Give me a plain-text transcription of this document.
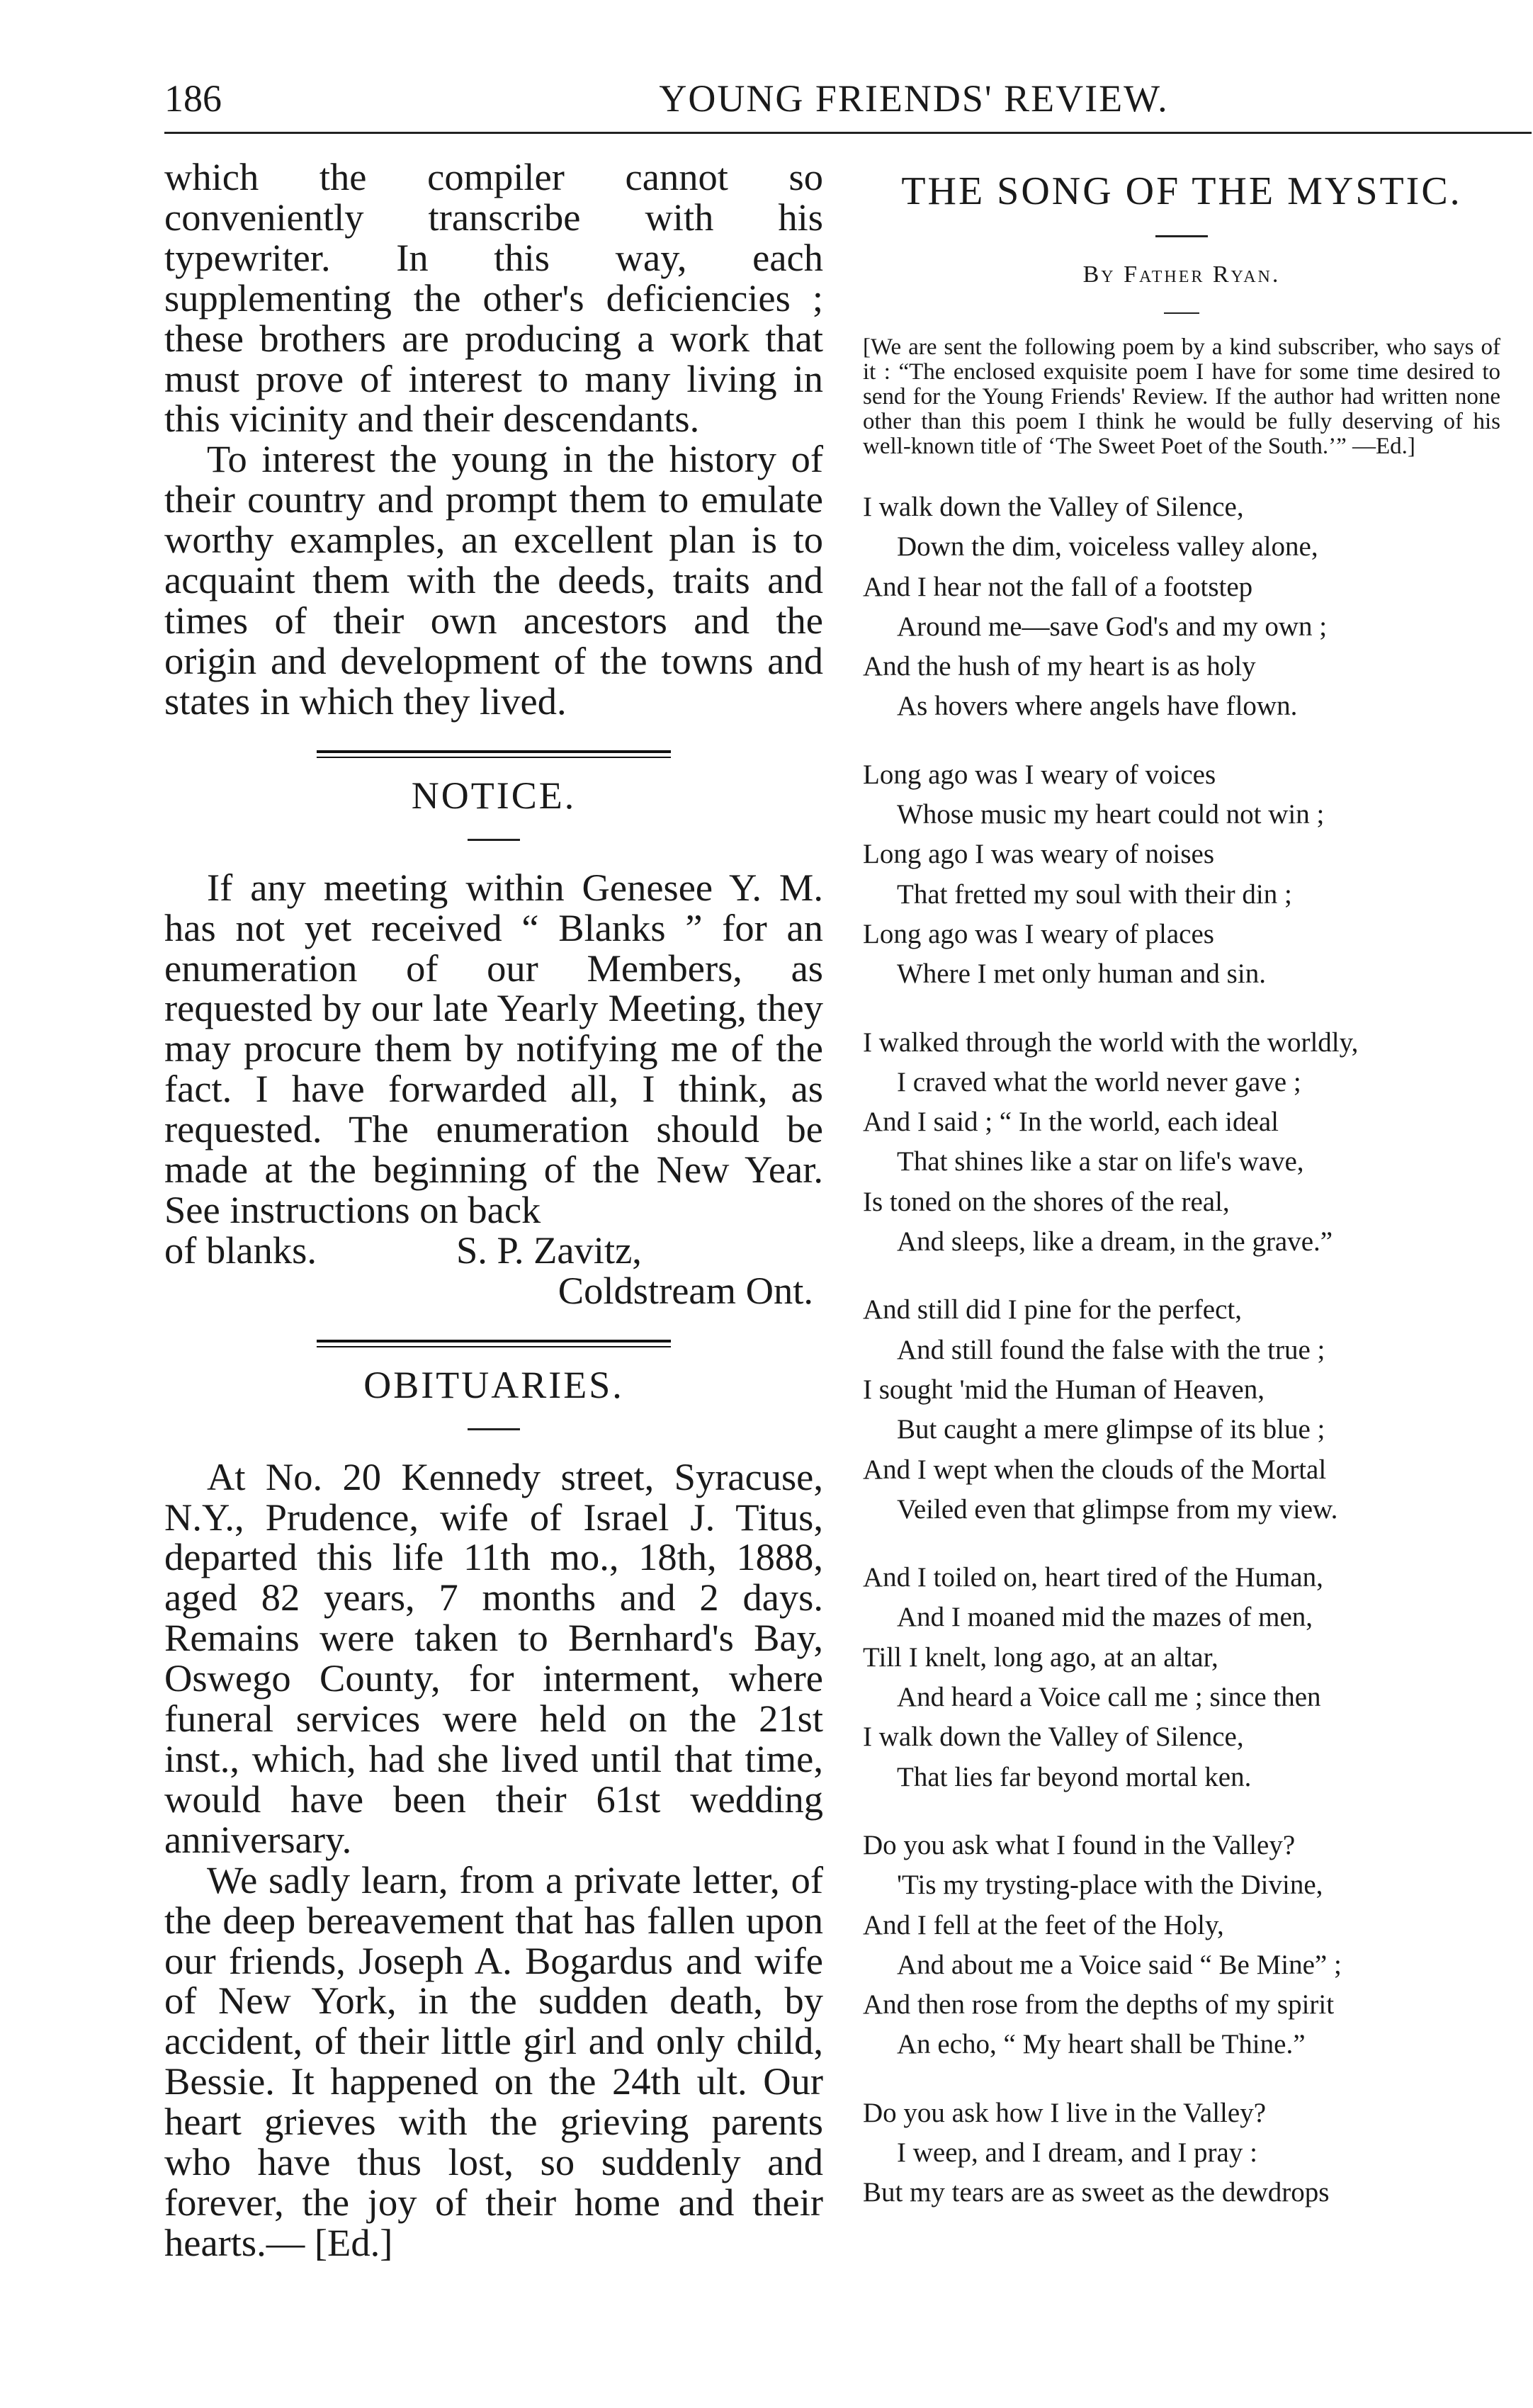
186	YOUNG FRIENDS' REVIEW.

which the compiler cannot so conveniently transcribe with his typewriter. In this way, each supplementing the other's deficiencies ; these brothers are producing a work that must prove of interest to many living in this vicinity and their descendants.

To interest the young in the history of their country and prompt them to emulate worthy examples, an excellent plan is to acquaint them with the deeds, traits and times of their own ancestors and the origin and development of the towns and states in which they lived.

NOTICE.

If any meeting within Genesee Y. M. has not yet received “ Blanks ” for an enumeration of our Members, as requested by our late Yearly Meeting, they may procure them by notifying me of the fact. I have forwarded all, I think, as requested. The enumeration should be made at the beginning of the New Year. See instructions on back

of blanks.	S. P. Zavitz,
Coldstream Ont.
OBITUARIES.

At No. 20 Kennedy street, Syracuse, N.Y., Prudence, wife of Israel J. Titus, departed this life 11th mo., 18th, 1888, aged 82 years, 7 months and 2 days. Remains were taken to Bernhard's Bay, Oswego County, for interment, where funeral services were held on the 21st inst., which, had she lived until that time, would have been their 61st wedding anniversary.

We sadly learn, from a private letter, of the deep bereavement that has fallen upon our friends, Joseph A. Bogardus and wife of New York, in the sudden death, by accident, of their little girl and only child, Bessie. It happened on the 24th ult. Our heart grieves with the grieving parents who have thus lost, so suddenly and forever, the joy of their home and their hearts.— [Ed.]

THE SONG OF THE MYSTIC.
By Father Ryan.

[We are sent the following poem by a kind subscriber, who says of it : “The enclosed exquisite poem I have for some time desired to send for the Young Friends' Review. If the author had written none other than this poem I think he would be fully deserving of his well-known title of ‘The Sweet Poet of the South.’” —Ed.]

I walk down the Valley of Silence,
Down the dim, voiceless valley alone,
And I hear not the fall of a footstep
Around me—save God's and my own ;
And the hush of my heart is as holy
As hovers where angels have flown.
Long ago was I weary of voices
Whose music my heart could not win ;
Long ago I was weary of noises
That fretted my soul with their din ;
Long ago was I weary of places
Where I met only human and sin.
I walked through the world with the worldly,
I craved what the world never gave ;
And I said ; “ In the world, each ideal
That shines like a star on life's wave,
Is toned on the shores of the real,
And sleeps, like a dream, in the grave.”
And still did I pine for the perfect,
And still found the false with the true ;
I sought 'mid the Human of Heaven,
But caught a mere glimpse of its blue ;
And I wept when the clouds of the Mortal
Veiled even that glimpse from my view.
And I toiled on, heart tired of the Human,
And I moaned mid the mazes of men,
Till I knelt, long ago, at an altar,
And heard a Voice call me ; since then
I walk down the Valley of Silence,
That lies far beyond mortal ken.
Do you ask what I found in the Valley?
'Tis my trysting-place with the Divine,
And I fell at the feet of the Holy,
And about me a Voice said “ Be Mine” ;
And then rose from the depths of my spirit
An echo, “ My heart shall be Thine.”
Do you ask how I live in the Valley?
I weep, and I dream, and I pray :
But my tears are as sweet as the dewdrops
